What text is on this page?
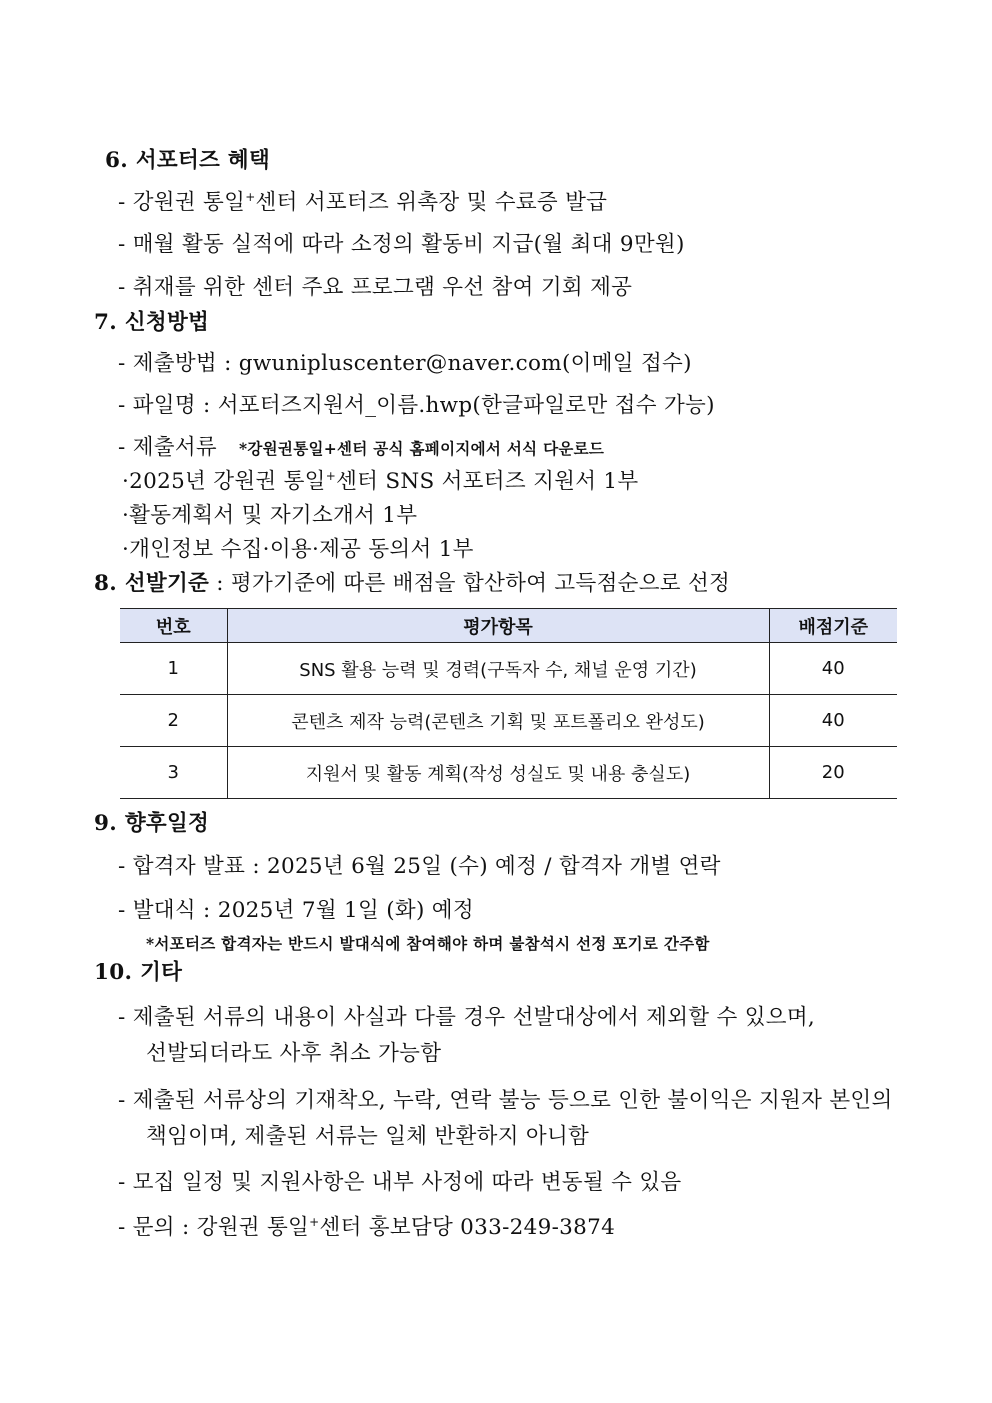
6. 서포터즈 혜택
- 강원권 통일+센터 서포터즈 위촉장 및 수료증 발급
- 매월 활동 실적에 따라 소정의 활동비 지급(월 최대 9만원)
- 취재를 위한 센터 주요 프로그램 우선 참여 기회 제공
7. 신청방법
- 제출방법 : gwunipluscenter@naver.com(이메일 접수)
- 파일명 : 서포터즈지원서_이름.hwp(한글파일로만 접수 가능)
- 제출서류 *강원권통일+센터 공식 홈페이지에서 서식 다운로드
·2025년 강원권 통일+센터 SNS 서포터즈 지원서 1부
·활동계획서 및 자기소개서 1부
·개인정보 수집·이용·제공 동의서 1부
8. 선발기준 : 평가기준에 따른 배점을 합산하여 고득점순으로 선정
번호	평가항목	배점기준
1	SNS 활용 능력 및 경력(구독자 수, 채널 운영 기간)	40
2	콘텐츠 제작 능력(콘텐츠 기획 및 포트폴리오 완성도)	40
3	지원서 및 활동 계획(작성 성실도 및 내용 충실도)	20
9. 향후일정
- 합격자 발표 : 2025년 6월 25일 (수) 예정 / 합격자 개별 연락
- 발대식 : 2025년 7월 1일 (화) 예정
*서포터즈 합격자는 반드시 발대식에 참여해야 하며 불참석시 선정 포기로 간주함
10. 기타
- 제출된 서류의 내용이 사실과 다를 경우 선발대상에서 제외할 수 있으며,
선발되더라도 사후 취소 가능함
- 제출된 서류상의 기재착오, 누락, 연락 불능 등으로 인한 불이익은 지원자 본인의
책임이며, 제출된 서류는 일체 반환하지 아니함
- 모집 일정 및 지원사항은 내부 사정에 따라 변동될 수 있음
- 문의 : 강원권 통일+센터 홍보담당 033-249-3874
